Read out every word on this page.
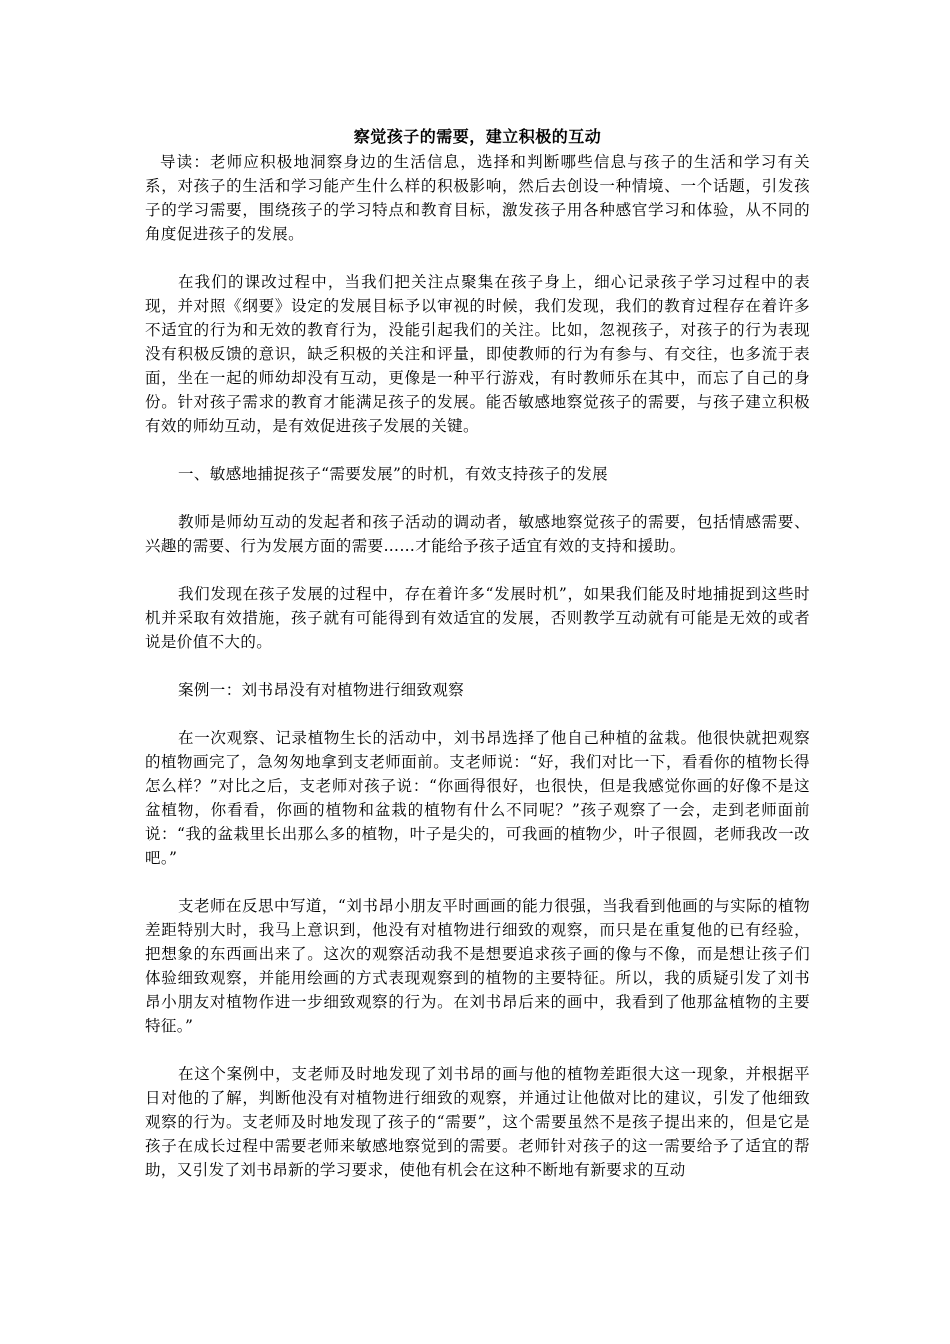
察觉孩子的需要，建立积极的互动

导读：老师应积极地洞察身边的生活信息，选择和判断哪些信息与孩子的生活和学习有关系，对孩子的生活和学习能产生什么样的积极影响，然后去创设一种情境、一个话题，引发孩子的学习需要，围绕孩子的学习特点和教育目标，激发孩子用各种感官学习和体验，从不同的角度促进孩子的发展。

在我们的课改过程中，当我们把关注点聚集在孩子身上，细心记录孩子学习过程中的表现，并对照《纲要》设定的发展目标予以审视的时候，我们发现，我们的教育过程存在着许多不适宜的行为和无效的教育行为，没能引起我们的关注。比如，忽视孩子，对孩子的行为表现没有积极反馈的意识，缺乏积极的关注和评量，即使教师的行为有参与、有交往，也多流于表面，坐在一起的师幼却没有互动，更像是一种平行游戏，有时教师乐在其中，而忘了自己的身份。针对孩子需求的教育才能满足孩子的发展。能否敏感地察觉孩子的需要，与孩子建立积极有效的师幼互动，是有效促进孩子发展的关键。

一、敏感地捕捉孩子“需要发展”的时机，有效支持孩子的发展

教师是师幼互动的发起者和孩子活动的调动者，敏感地察觉孩子的需要，包括情感需要、兴趣的需要、行为发展方面的需要……才能给予孩子适宜有效的支持和援助。

我们发现在孩子发展的过程中，存在着许多“发展时机”，如果我们能及时地捕捉到这些时机并采取有效措施，孩子就有可能得到有效适宜的发展，否则教学互动就有可能是无效的或者说是价值不大的。

案例一：刘书昂没有对植物进行细致观察

在一次观察、记录植物生长的活动中，刘书昂选择了他自己种植的盆栽。他很快就把观察的植物画完了，急匆匆地拿到支老师面前。支老师说：“好，我们对比一下，看看你的植物长得怎么样？”对比之后，支老师对孩子说：“你画得很好，也很快，但是我感觉你画的好像不是这盆植物，你看看，你画的植物和盆栽的植物有什么不同呢？”孩子观察了一会，走到老师面前说：“我的盆栽里长出那么多的植物，叶子是尖的，可我画的植物少，叶子很圆，老师我改一改吧。”

支老师在反思中写道，“刘书昂小朋友平时画画的能力很强，当我看到他画的与实际的植物差距特别大时，我马上意识到，他没有对植物进行细致的观察，而只是在重复他的已有经验，把想象的东西画出来了。这次的观察活动我不是想要追求孩子画的像与不像，而是想让孩子们体验细致观察，并能用绘画的方式表现观察到的植物的主要特征。所以，我的质疑引发了刘书昂小朋友对植物作进一步细致观察的行为。在刘书昂后来的画中，我看到了他那盆植物的主要特征。”

在这个案例中，支老师及时地发现了刘书昂的画与他的植物差距很大这一现象，并根据平日对他的了解，判断他没有对植物进行细致的观察，并通过让他做对比的建议，引发了他细致观察的行为。支老师及时地发现了孩子的“需要”，这个需要虽然不是孩子提出来的，但是它是孩子在成长过程中需要老师来敏感地察觉到的需要。老师针对孩子的这一需要给予了适宜的帮助，又引发了刘书昂新的学习要求，使他有机会在这种不断地有新要求的互动
